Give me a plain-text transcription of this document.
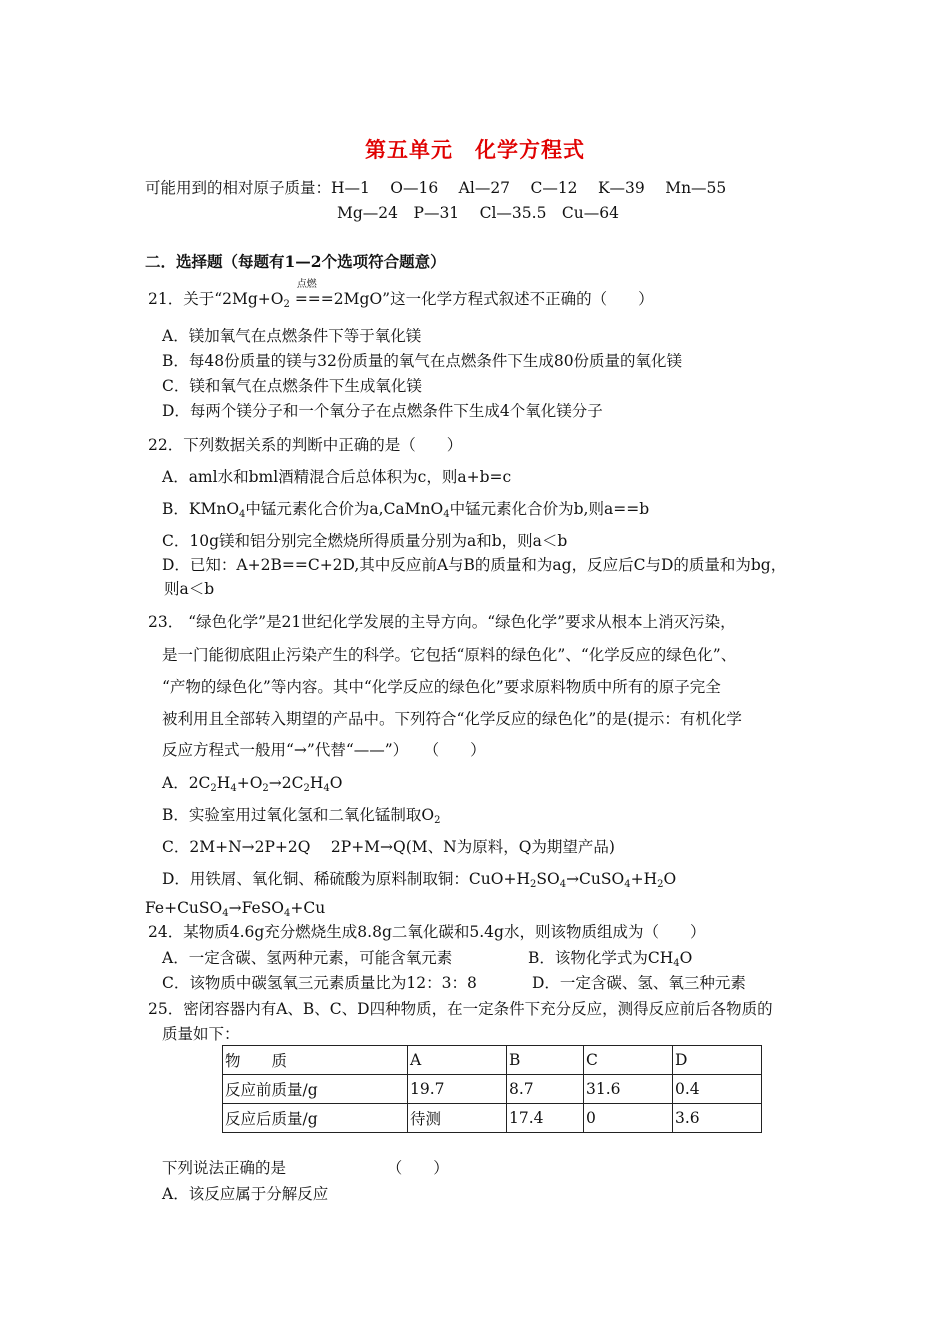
第五单元　化学方程式
可能用到的相对原子质量：H—1　 O—16　 Al—27　 C—12　 K—39　 Mn—55
Mg—24　P—31　 Cl—35.5　Cu—64
二．选择题（每题有1—2个选项符合题意）
21．关于“$2Mg+O_2$
点燃
===2MgO”这一化学方程式叙述不正确的（　　）
A．镁加氧气在点燃条件下等于氧化镁
B．每48份质量的镁与32份质量的氧气在点燃条件下生成80份质量的氧化镁
C．镁和氧气在点燃条件下生成氧化镁
D．每两个镁分子和一个氧分子在点燃条件下生成4个氧化镁分子
22．下列数据关系的判断中正确的是（　　）
A．aml水和bml酒精混合后总体积为c，则a+b=c
B．KMnO$_4$中锰元素化合价为a,CaMnO$_4$中锰元素化合价为b,则a==b
C．10g镁和铝分别完全燃烧所得质量分别为a和b，则a＜b
D．已知：A+2B==C+2D,其中反应前A与B的质量和为ag，反应后C与D的质量和为bg，
则a＜b
23． “绿色化学”是21世纪化学发展的主导方向。“绿色化学”要求从根本上消灭污染，
是一门能彻底阻止污染产生的科学。它包括“原料的绿色化”、“化学反应的绿色化”、
“产物的绿色化”等内容。其中“化学反应的绿色化”要求原料物质中所有的原子完全
被利用且全部转入期望的产品中。下列符合“化学反应的绿色化”的是(提示：有机化学
反应方程式一般用“→”代替“——”）　　（　　）
A．$2C_2H_4+O_2\to 2C_2H_4O$
B．实验室用过氧化氢和二氧化锰制取$O_2$
C．2M+N→2P+2Q　 2P+M→Q(M、N为原料，Q为期望产品)
D．用铁屑、氧化铜、稀硫酸为原料制取铜：$CuO+H_2SO_4\to CuSO_4+H_2O$
Fe+CuSO$_4$→FeSO$_4$+Cu
24．某物质4.6g充分燃烧生成8.8g二氧化碳和5.4g水，则该物质组成为（　　）
A．一定含碳、氢两种元素，可能含氧元素	B．该物化学式为$CH_4O$
C．该物质中碳氢氧三元素质量比为12：3：8	D．一定含碳、氢、氧三种元素
25．密闭容器内有A、B、C、D四种物质，在一定条件下充分反应，测得反应前后各物质的
质量如下：
物　　质	A	B	C	D
反应前质量/g	19.7	8.7	31.6	0.4
反应后质量/g	待测	17.4	0	3.6
下列说法正确的是　　　　　　　（　　）
A．该反应属于分解反应
